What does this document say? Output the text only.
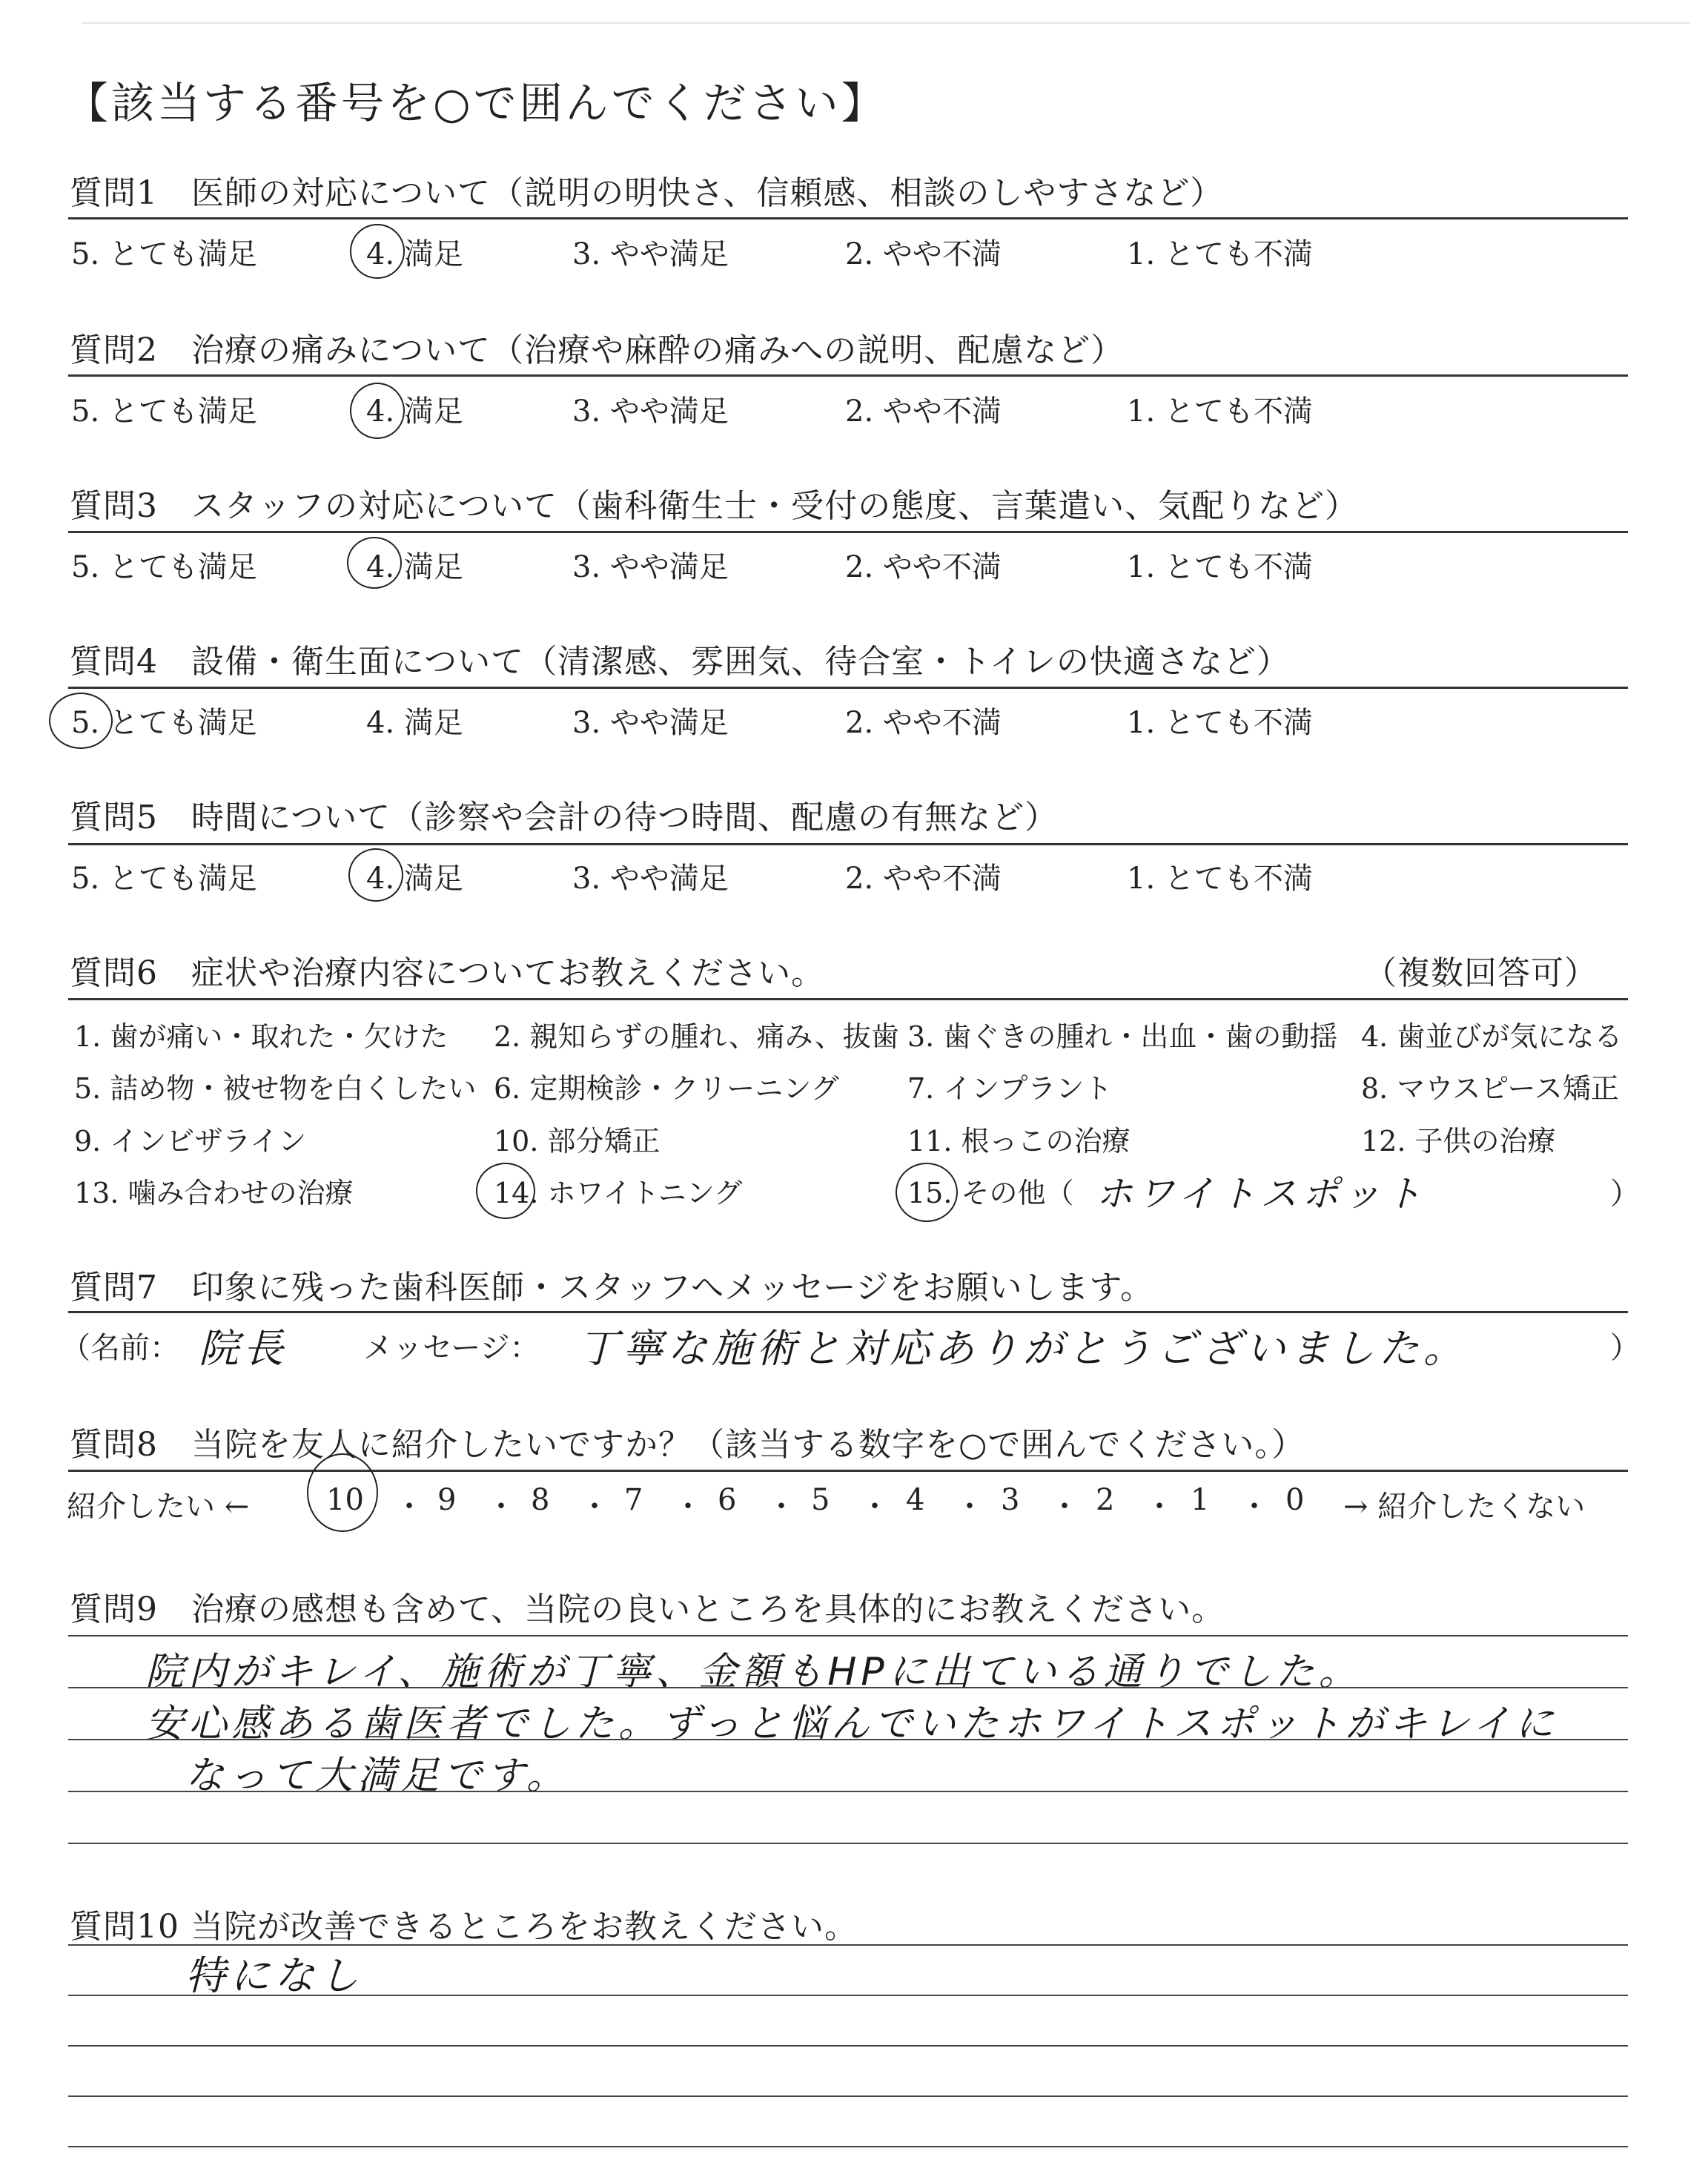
【該当する番号を○で囲んでください】
質問1　医師の対応について（説明の明快さ、信頼感、相談のしやすさなど）
5. とても満足	4. 満足	3. やや満足	2. やや不満	1. とても不満
質問2　治療の痛みについて（治療や麻酔の痛みへの説明、配慮など）
5. とても満足	4. 満足	3. やや満足	2. やや不満	1. とても不満
質問3　スタッフの対応について（歯科衛生士・受付の態度、言葉遣い、気配りなど）
5. とても満足	4. 満足	3. やや満足	2. やや不満	1. とても不満
質問4　設備・衛生面について（清潔感、雰囲気、待合室・トイレの快適さなど）
5. とても満足	4. 満足	3. やや満足	2. やや不満	1. とても不満
質問5　時間について（診察や会計の待つ時間、配慮の有無など）
5. とても満足	4. 満足	3. やや満足	2. やや不満	1. とても不満
質問6　症状や治療内容についてお教えください。	（複数回答可）
1. 歯が痛い・取れた・欠けた 2. 親知らずの腫れ、痛み、抜歯 3. 歯ぐきの腫れ・出血・歯の動揺 4. 歯並びが気になる
5. 詰め物・被せ物を白くしたい 6. 定期検診・クリーニング 7. インプラント	8. マウスピース矯正
9. インビザライン	10. 部分矯正	11. 根っこの治療	12. 子供の治療
13. 噛み合わせの治療	14. ホワイトニング	15. その他（ ホワイトスポット	）
質問7　印象に残った歯科医師・スタッフへメッセージをお願いします。
（名前： 院長	メッセージ： 丁寧な施術と対応ありがとうございました。	）
質問8　当院を友人に紹介したいですか？（該当する数字を○で囲んでください。）
紹介したい ←	10 ・ 9 ・ 8 ・ 7 ・ 6 ・ 5 ・ 4 ・ 3 ・ 2 ・ 1 ・ 0 → 紹介したくない
質問9　治療の感想も含めて、当院の良いところを具体的にお教えください。
院内がキレイ、施術が丁寧、金額もHPに出ている通りでした。
安心感ある歯医者でした。ずっと悩んでいたホワイトスポットがキレイに
なって大満足です。
質問10 当院が改善できるところをお教えください。
特になし
